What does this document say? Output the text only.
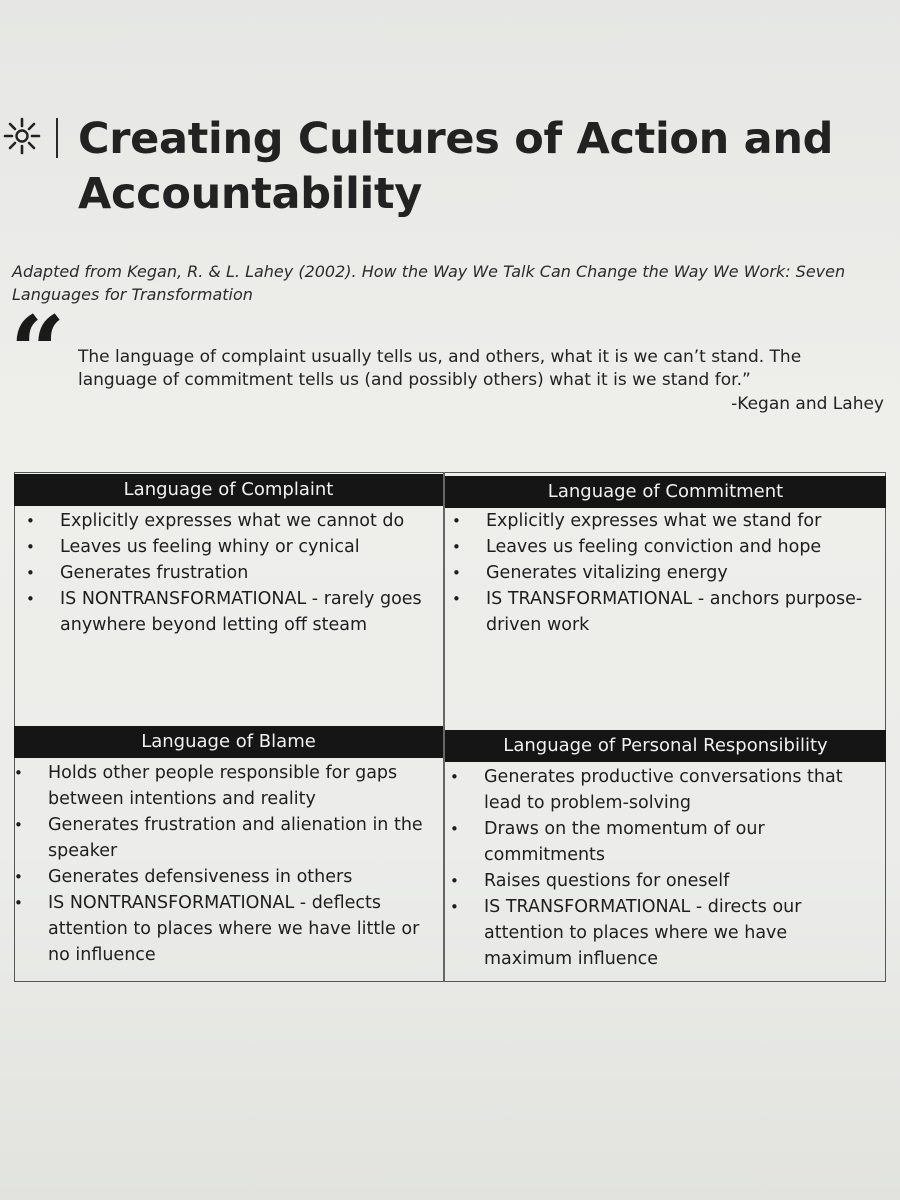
Creating Cultures of Action and Accountability
Adapted from Kegan, R. & L. Lahey (2002). How the Way We Talk Can Change the Way We Work: Seven Languages for Transformation
“ The language of complaint usually tells us, and others, what it is we can’t stand. The language of commitment tells us (and possibly others) what it is we stand for.”
-Kegan and Lahey
Language of Complaint
• Explicitly expresses what we cannot do
• Leaves us feeling whiny or cynical
• Generates frustration
• IS NONTRANSFORMATIONAL - rarely goes anywhere beyond letting off steam
Language of Commitment
• Explicitly expresses what we stand for
• Leaves us feeling conviction and hope
• Generates vitalizing energy
• IS TRANSFORMATIONAL - anchors purpose-driven work
Language of Blame
• Holds other people responsible for gaps between intentions and reality
• Generates frustration and alienation in the speaker
• Generates defensiveness in others
• IS NONTRANSFORMATIONAL - deflects attention to places where we have little or no influence
Language of Personal Responsibility
• Generates productive conversations that lead to problem-solving
• Draws on the momentum of our commitments
• Raises questions for oneself
• IS TRANSFORMATIONAL - directs our attention to places where we have maximum influence
